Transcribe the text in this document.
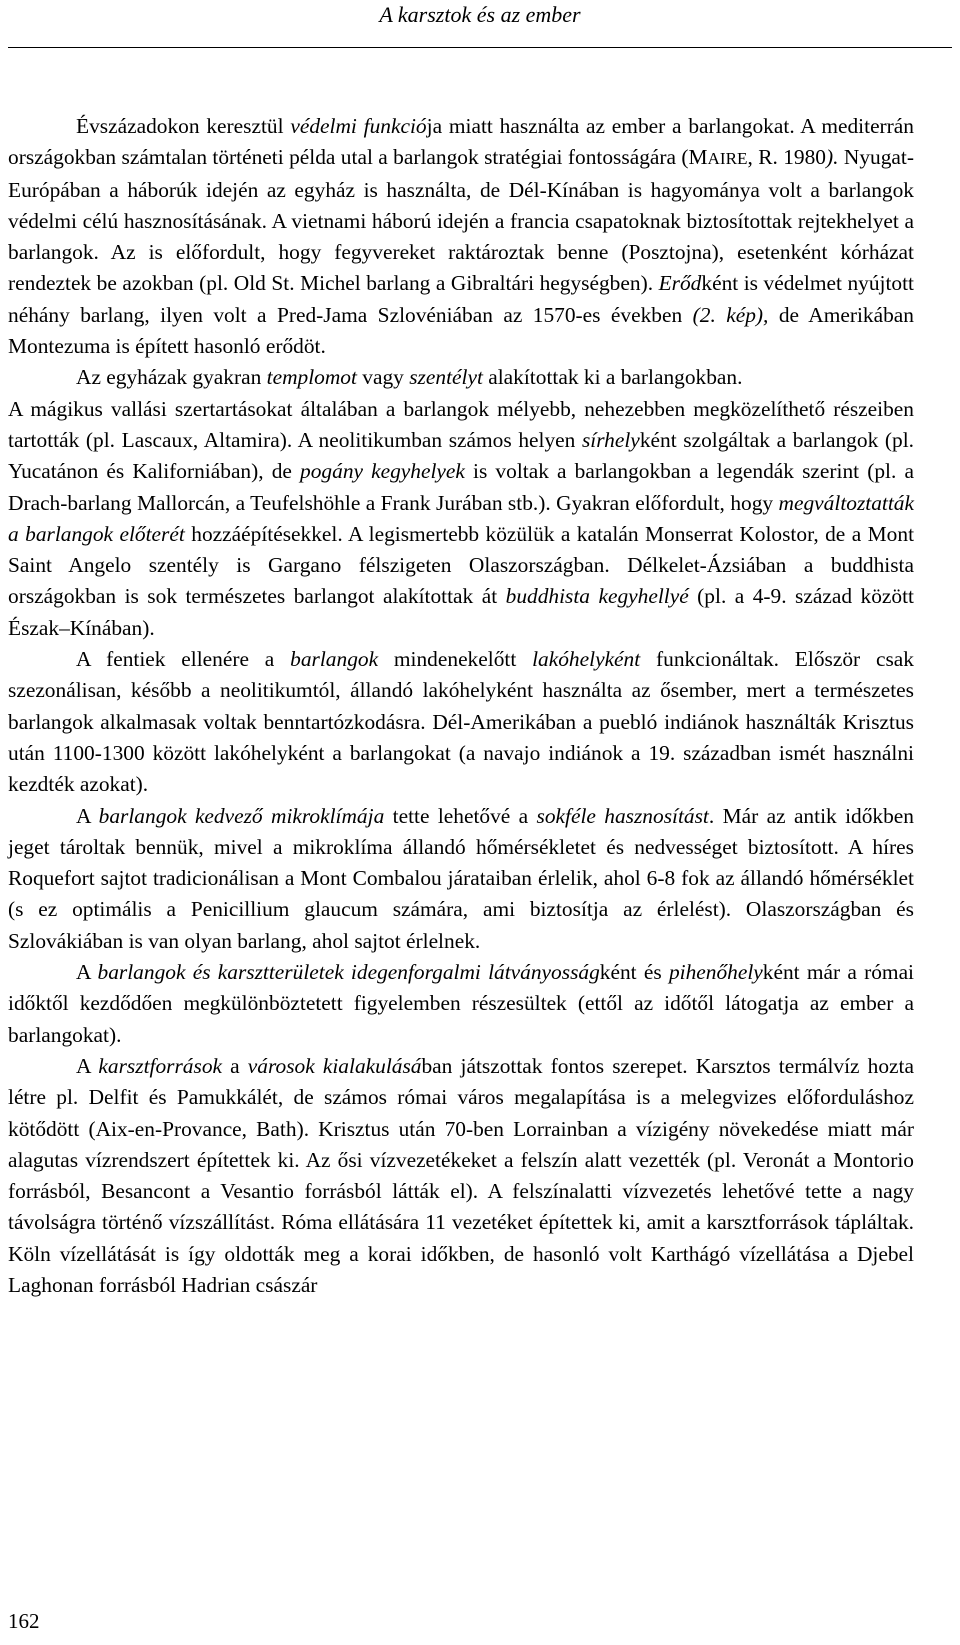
A karsztok és az ember

Évszázadokon keresztül védelmi funkciója miatt használta az ember a barlangokat. A mediterrán országokban számtalan történeti példa utal a barlangok stratégiai fontosságára (MAIRE, R. 1980). Nyugat-Európában a háborúk idején az egyház is használta, de Dél-Kínában is hagyománya volt a barlangok védelmi célú hasznosításának. A vietnami háború idején a francia csapatoknak biztosítottak rejtekhelyet a barlangok. Az is előfordult, hogy fegyvereket raktároztak benne (Posztojna), esetenként kórházat rendeztek be azokban (pl. Old St. Michel barlang a Gibraltári hegységben). Erődként is védelmet nyújtott néhány barlang, ilyen volt a Pred-Jama Szlovéniában az 1570-es években (2. kép), de Amerikában Montezuma is épített hasonló erődöt.

Az egyházak gyakran templomot vagy szentélyt alakítottak ki a barlangokban.

A mágikus vallási szertartásokat általában a barlangok mélyebb, nehezebben megközelíthető részeiben tartották (pl. Lascaux, Altamira). A neolitikumban számos helyen sírhelyként szolgáltak a barlangok (pl. Yucatánon és Kaliforniában), de pogány kegyhelyek is voltak a barlangokban a legendák szerint (pl. a Drach-barlang Mallorcán, a Teufelshöhle a Frank Jurában stb.). Gyakran előfordult, hogy megváltoztatták a barlangok előterét hozzáépítésekkel. A legismertebb közülük a katalán Monserrat Kolostor, de a Mont Saint Angelo szentély is Gargano félszigeten Olaszországban. Délkelet-Ázsiában a buddhista országokban is sok természetes barlangot alakítottak át buddhista kegyhellyé (pl. a 4-9. század között Észak–Kínában).

A fentiek ellenére a barlangok mindenekelőtt lakóhelyként funkcionáltak. Először csak szezonálisan, később a neolitikumtól, állandó lakóhelyként használta az ősember, mert a természetes barlangok alkalmasak voltak benntartózkodásra. Dél-Amerikában a puebló indiánok használták Krisztus után 1100-1300 között lakóhelyként a barlangokat (a navajo indiánok a 19. században ismét használni kezdték azokat).

A barlangok kedvező mikroklímája tette lehetővé a sokféle hasznosítást. Már az antik időkben jeget tároltak bennük, mivel a mikroklíma állandó hőmérsékletet és nedvességet biztosított. A híres Roquefort sajtot tradicionálisan a Mont Combalou járataiban érlelik, ahol 6-8 fok az állandó hőmérséklet (s ez optimális a Penicillium glaucum számára, ami biztosítja az érlelést). Olaszországban és Szlovákiában is van olyan barlang, ahol sajtot érlelnek.

A barlangok és karsztterületek idegenforgalmi látványosságként és pihenőhelyként már a római időktől kezdődően megkülönböztetett figyelemben részesültek (ettől az időtől látogatja az ember a barlangokat).

A karsztforrások a városok kialakulásában játszottak fontos szerepet. Karsztos termálvíz hozta létre pl. Delfit és Pamukkálét, de számos római város megalapítása is a melegvizes előforduláshoz kötődött (Aix-en-Provance, Bath). Krisztus után 70-ben Lorrainban a vízigény növekedése miatt már alagutas vízrendszert építettek ki. Az ősi vízvezetékeket a felszín alatt vezették (pl. Veronát a Montorio forrásból, Besancont a Vesantio forrásból látták el). A felszínalatti vízvezetés lehetővé tette a nagy távolságra történő vízszállítást. Róma ellátására 11 vezetéket építettek ki, amit a karsztforrások tápláltak. Köln vízellátását is így oldották meg a korai időkben, de hasonló volt Karthágó vízellátása a Djebel Laghonan forrásból Hadrian császár

162
